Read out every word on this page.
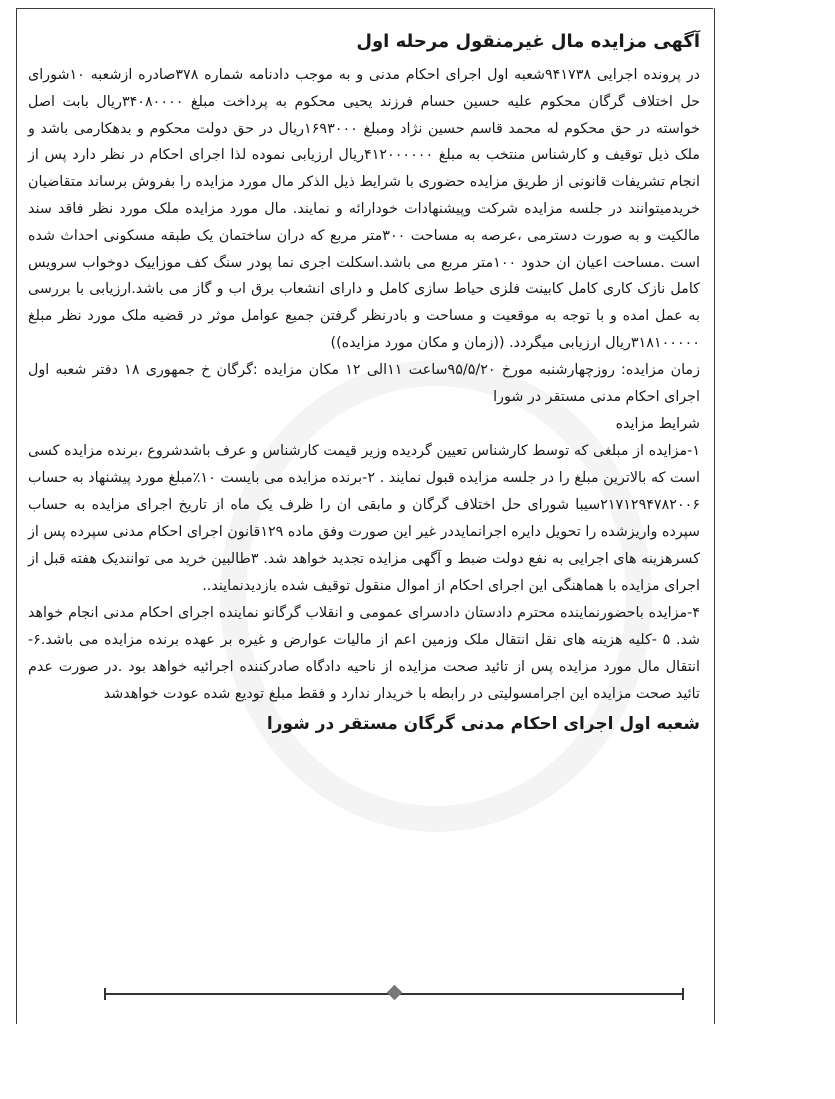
آگهی مزایده مال غیرمنقول مرحله اول

در پرونده اجرایی ۹۴۱۷۳۸شعبه اول اجرای احکام مدنی و به موجب دادنامه شماره ۳۷۸صادره ازشعبه ۱۰شورای حل اختلاف گرگان محکوم علیه حسین حسام فرزند یحیی محکوم به پرداخت مبلغ ۳۴۰۸۰۰۰۰ریال بابت اصل خواسته در حق محکوم له محمد قاسم حسین نژاد ومبلغ ۱۶۹۳۰۰۰ریال در حق دولت محکوم و بدهکارمی باشد و ملک ذیل توقیف و کارشناس منتخب به مبلغ ۴۱۲۰۰۰۰۰۰ریال ارزیابی نموده لذا اجرای احکام در نظر دارد پس از انجام تشریفات قانونی از طریق مزایده حضوری با شرایط ذیل الذکر مال مورد مزایده را بفروش برساند متقاضیان خریدمیتوانند در جلسه مزایده شرکت وپیشنهادات خودارائه و نمایند. مال مورد مزایده ملک مورد نظر فاقد سند مالکیت و به صورت دسترمی ،عرصه به مساحت ۳۰۰متر مربع که دران ساختمان یک طبقه مسکونی احداث شده است .مساحت اعیان ان حدود ۱۰۰متر مربع می باشد.اسکلت اجری نما پودر سنگ کف موزاییک دوخواب سرویس کامل نازک کاری کامل کابینت فلزی حیاط سازی کامل و دارای انشعاب برق اب و گاز می باشد.ارزیابی با بررسی به عمل امده و با توجه به موقعیت و مساحت و بادرنظر گرفتن جمیع عوامل موثر در قضیه ملک مورد نظر مبلغ ۳۱۸۱۰۰۰۰۰ریال ارزیابی میگردد. ((زمان و مکان مورد مزایده))

زمان مزایده: روزچهارشنبه مورخ ۹۵/۵/۲۰ساعت ۱۱الی ۱۲ مکان مزایده :گرگان خ جمهوری ۱۸ دفتر شعبه اول اجرای احکام مدنی مستقر در شورا

شرایط مزایده

۱-مزایده از مبلغی که توسط کارشناس تعیین گردیده وزیر قیمت کارشناس و عرف باشدشروع ،برنده مزایده کسی است که بالاترین مبلغ را در جلسه مزایده قبول نمایند . ۲-برنده مزایده می بایست ۱۰٪مبلغ مورد پیشنهاد به حساب ۲۱۷۱۲۹۴۷۸۲۰۰۶سیبا شورای حل اختلاف گرگان و مابقی ان را ظرف یک ماه از تاریخ اجرای مزایده به حساب سپرده واریزشده را تحویل دایره اجرانمایددر غیر این صورت وفق ماده ۱۲۹قانون اجرای احکام مدنی سپرده پس از کسرهزینه های اجرایی به نفع دولت ضبط و آگهی مزایده تجدید خواهد شد. ۳طالبین خرید می توانندیک هفته قبل از اجرای مزایده با هماهنگی این اجرای احکام از اموال منقول توقیف شده بازدیدنمایند..

۴-مزایده باحضورنماینده محترم دادستان دادسرای عمومی و انقلاب گرگانو نماینده اجرای احکام مدنی انجام خواهد شد. ۵ -کلیه هزینه های نقل انتقال ملک وزمین اعم از مالیات عوارض و غیره بر عهده برنده مزایده می باشد.۶- انتقال مال مورد مزایده پس از تائید صحت مزایده از ناحیه دادگاه صادرکننده اجرائیه خواهد بود .در صورت عدم تائید صحت مزایده این اجرامسولیتی در رابطه با خریدار ندارد و فقط مبلغ تودیع شده عودت خواهدشد

شعبه اول اجرای احکام مدنی گرگان مستقر در شورا
